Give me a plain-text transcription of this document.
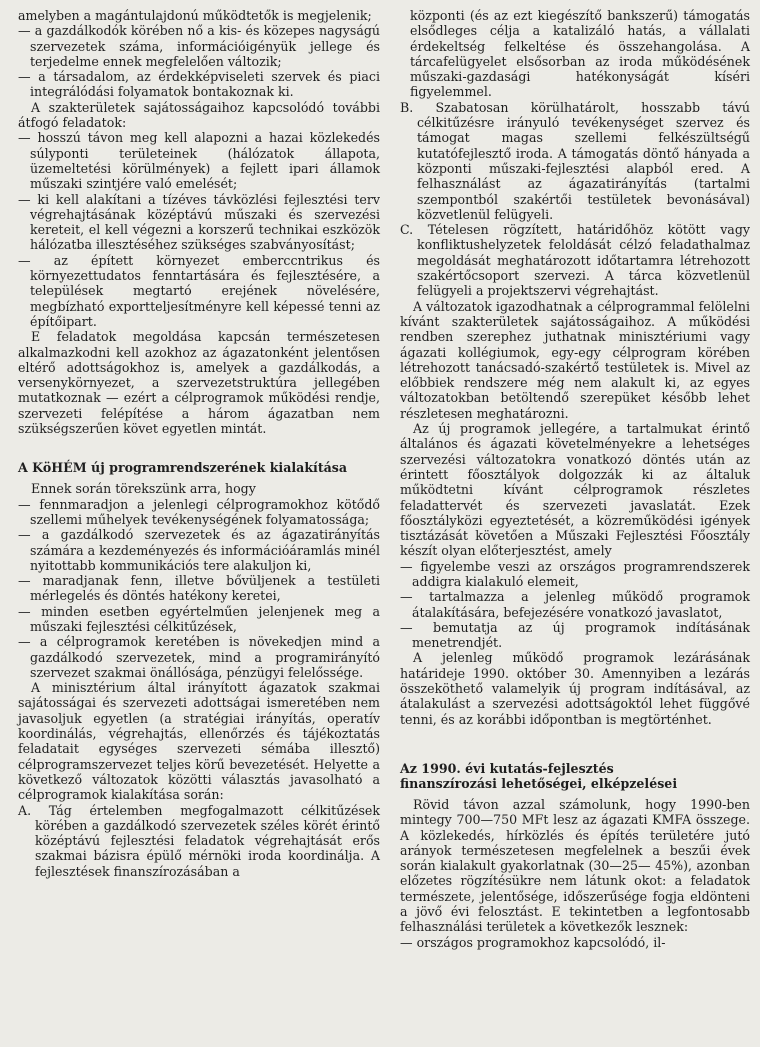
amelyben a magántulajdonú működtetők is megjelenik;

— a gazdálkodók körében nő a kis- és közepes nagyságú szervezetek száma, információigényük jellege és terjedelme ennek megfelelően változik;

— a társadalom, az érdekképviseleti szervek és piaci integrálódási folyamatok bontakoznak ki.

A szakterületek sajátosságaihoz kapcsolódó további átfogó feladatok:

— hosszú távon meg kell alapozni a hazai közlekedés súlyponti területeinek (hálózatok állapota, üzemeltetési körülmények) a fejlett ipari államok műszaki szintjére való emelését;

— ki kell alakítani a tízéves távközlési fejlesztési terv végrehajtásának középtávú műszaki és szervezési kereteit, el kell végezni a korszerű technikai eszközök hálózatba illesztéséhez szükséges szabványosítást;

— az épített környezet emberccntrikus és környezettudatos fenntartására és fejlesztésére, a települések megtartó erejének növelésére, megbízható exportteljesítményre kell képessé tenni az építőipart.

E feladatok megoldása kapcsán természetesen alkalmazkodni kell azokhoz az ágazatonként jelentősen eltérő adottságokhoz is, amelyek a gazdálkodás, a versenykörnyezet, a szervezetstruktúra jellegében mutatkoznak — ezért a célprogramok működési rendje, szervezeti felépítése a három ágazatban nem szükségszerűen követ egyetlen mintát.

A KöHÉM új programrendszerének kialakítása

Ennek során törekszünk arra, hogy

— fennmaradjon a jelenlegi célprogramokhoz kötődő szellemi műhelyek tevékenységének folyamatossága;

— a gazdálkodó szervezetek és az ágazatirányítás számára a kezdeményezés és információáramlás minél nyitottabb kommunikációs tere alakuljon ki,

— maradjanak fenn, illetve bővüljenek a testületi mérlegelés és döntés hatékony keretei,

— minden esetben egyértelműen jelenjenek meg a műszaki fejlesztési célkitűzések,

— a célprogramok keretében is növekedjen mind a gazdálkodó szervezetek, mind a programirányító szervezet szakmai önállósága, pénzügyi felelőssége.

A minisztérium által irányított ágazatok szakmai sajátosságai és szervezeti adottságai ismeretében nem javasoljuk egyetlen (a stratégiai irányítás, operatív koordinálás, végrehajtás, ellenőrzés és tájékoztatás feladatait egységes szervezeti sémába illesztő) célprogramszervezet teljes körű bevezetését. Helyette a következő változatok közötti választás javasolható a célprogramok kialakítása során:

A. Tág értelemben megfogalmazott célkitűzések körében a gazdálkodó szervezetek széles körét érintő középtávú fejlesztési feladatok végrehajtását erős szakmai bázisra épülő mérnöki iroda koordinálja. A fejlesztések finanszírozásában a

központi (és az ezt kiegészítő bankszerű) támogatás elsődleges célja a katalizáló hatás, a vállalati érdekeltség felkeltése és összehangolása. A tárcafelügyelet elsősorban az iroda működésének műszaki-gazdasági hatékonyságát kíséri figyelemmel.

B. Szabatosan körülhatárolt, hosszabb távú célkitűzésre irányuló tevékenységet szervez és támogat magas szellemi felkészültségű kutatófejlesztő iroda. A támogatás döntő hányada a központi műszaki-fejlesztési alapból ered. A felhasználást az ágazatirányítás (tartalmi szempontból szakértői testületek bevonásával) közvetlenül felügyeli.

C. Tételesen rögzített, határidőhöz kötött vagy konfliktushelyzetek feloldását célzó feladathalmaz megoldását meghatározott időtartamra létrehozott szakértőcsoport szervezi. A tárca közvetlenül felügyeli a projektszervi végrehajtást.

A változatok igazodhatnak a célprogrammal felölelni kívánt szakterületek sajátosságaihoz. A működési rendben szerephez juthatnak minisztériumi vagy ágazati kollégiumok, egy-egy célprogram körében létrehozott tanácsadó-szakértő testületek is. Mivel az előbbiek rendszere még nem alakult ki, az egyes változatokban betöltendő szerepüket később lehet részletesen meghatározni.

Az új programok jellegére, a tartalmukat érintő általános és ágazati követelményekre a lehetséges szervezési változatokra vonatkozó döntés után az érintett főosztályok dolgozzák ki az általuk működtetni kívánt célprogramok részletes feladattervét és szervezeti javaslatát. Ezek főosztályközi egyeztetését, a közreműködési igények tisztázását követően a Műszaki Fejlesztési Főosztály készít olyan előterjesztést, amely

— figyelembe veszi az országos programrendszerek addigra kialakuló elemeit,

— tartalmazza a jelenleg működő programok átalakítására, befejezésére vonatkozó javaslatot,

— bemutatja az új programok indításának menetrendjét.

A jelenleg működő programok lezárásának határideje 1990. október 30. Amennyiben a lezárás összeköthető valamelyik új program indításával, az átalakulást a szervezési adottságoktól lehet függővé tenni, és az korábbi időpontban is megtörténhet.

Az 1990. évi kutatás-fejlesztés
finanszírozási lehetőségei, elképzelései

Rövid távon azzal számolunk, hogy 1990-ben mintegy 700—750 MFt lesz az ágazati KMFA összege. A közlekedés, hírközlés és építés területére jutó arányok természetesen megfelelnek a beszűi évek során kialakult gyakorlatnak (30—25— 45%), azonban előzetes rögzítésükre nem látunk okot: a feladatok természete, jelentősége, időszerűsége fogja eldönteni a jövő évi felosztást. E tekintetben a legfontosabb felhasználási területek a következők lesznek:

— országos programokhoz kapcsolódó, il-
